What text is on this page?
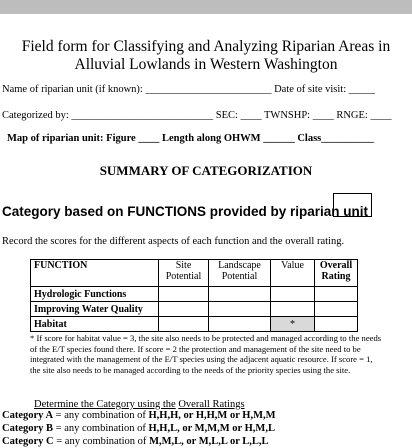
Field form for Classifying and Analyzing Riparian Areas in
Alluvial Lowlands in Western Washington
Name of riparian unit (if known): ________________________ Date of site visit: _____
Categorized by: ___________________________ SEC: ____ TWNSHP: ____ RNGE: ____
Map of riparian unit: Figure ____ Length along OHWM ______ Class__________
SUMMARY OF CATEGORIZATION
Category based on FUNCTIONS provided by riparian unit
Record the scores for the different aspects of each function and the overall rating.
FUNCTION	Site Potential	Landscape Potential	Value	Overall Rating
Hydrologic Functions				
Improving Water Quality				
Habitat			*	
* If score for habitat value = 3, the site also needs to be protected and managed according to the needs of the E/T species found there. If score = 2 the protection and management of the site need to be integrated with the management of the E/T species using the adjacent aquatic resource. If score = 1, the site also needs to be managed according to the needs of the priority species using the site.
Determine the Category using the Overall Ratings
Category A = any combination of H,H,H, or H,H,M or H,M,M
Category B = any combination of H,H,L, or M,M,M or H,M,L
Category C = any combination of M,M,L, or M,L,L or L,L,L
